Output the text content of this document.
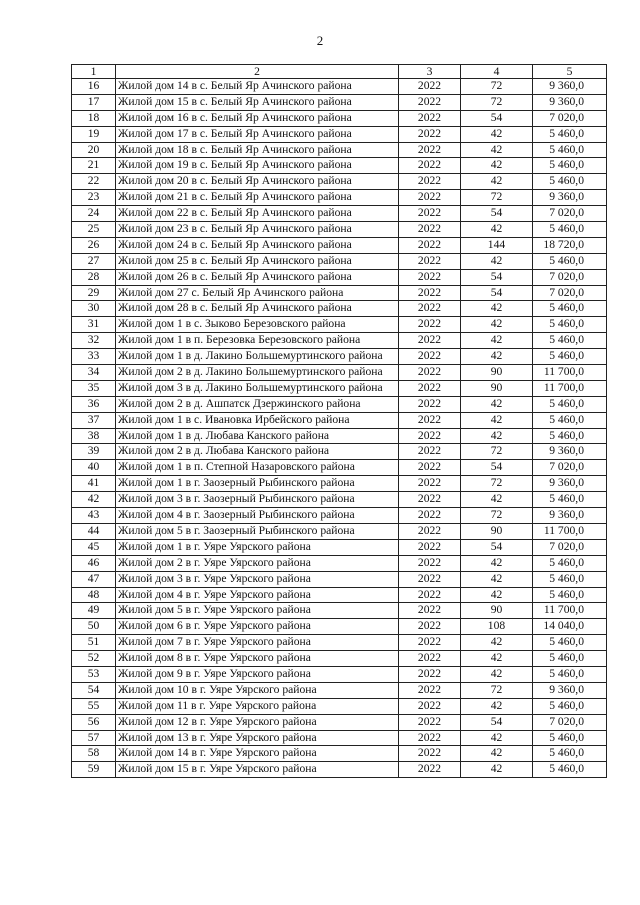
2
1	2	3	4	5
16	Жилой дом 14 в с. Белый Яр Ачинского района	2022	72	9 360,0
17	Жилой дом 15 в с. Белый Яр Ачинского района	2022	72	9 360,0
18	Жилой дом 16 в с. Белый Яр Ачинского района	2022	54	7 020,0
19	Жилой дом 17 в с. Белый Яр Ачинского района	2022	42	5 460,0
20	Жилой дом 18 в с. Белый Яр Ачинского района	2022	42	5 460,0
21	Жилой дом 19 в с. Белый Яр Ачинского района	2022	42	5 460,0
22	Жилой дом 20 в с. Белый Яр Ачинского района	2022	42	5 460,0
23	Жилой дом 21 в с. Белый Яр Ачинского района	2022	72	9 360,0
24	Жилой дом 22 в с. Белый Яр Ачинского района	2022	54	7 020,0
25	Жилой дом 23 в с. Белый Яр Ачинского района	2022	42	5 460,0
26	Жилой дом 24 в с. Белый Яр Ачинского района	2022	144	18 720,0
27	Жилой дом 25 в с. Белый Яр Ачинского района	2022	42	5 460,0
28	Жилой дом 26 в с. Белый Яр Ачинского района	2022	54	7 020,0
29	Жилой дом 27 с. Белый Яр Ачинского района	2022	54	7 020,0
30	Жилой дом 28 в с. Белый Яр Ачинского района	2022	42	5 460,0
31	Жилой дом 1 в с. Зыково Березовского района	2022	42	5 460,0
32	Жилой дом 1 в п. Березовка Березовского района	2022	42	5 460,0
33	Жилой дом 1 в д. Лакино Большемуртинского района	2022	42	5 460,0
34	Жилой дом 2 в д. Лакино Большемуртинского района	2022	90	11 700,0
35	Жилой дом 3 в д. Лакино Большемуртинского района	2022	90	11 700,0
36	Жилой дом 2 в д. Ашпатск Дзержинского района	2022	42	5 460,0
37	Жилой дом 1 в с. Ивановка Ирбейского района	2022	42	5 460,0
38	Жилой дом 1 в д. Любава Канского района	2022	42	5 460,0
39	Жилой дом 2 в д. Любава Канского района	2022	72	9 360,0
40	Жилой дом 1 в п. Степной Назаровского района	2022	54	7 020,0
41	Жилой дом 1 в г. Заозерный Рыбинского района	2022	72	9 360,0
42	Жилой дом 3 в г. Заозерный Рыбинского района	2022	42	5 460,0
43	Жилой дом 4 в г. Заозерный Рыбинского района	2022	72	9 360,0
44	Жилой дом 5 в г. Заозерный Рыбинского района	2022	90	11 700,0
45	Жилой дом 1 в г. Уяре Уярского района	2022	54	7 020,0
46	Жилой дом 2 в г. Уяре Уярского района	2022	42	5 460,0
47	Жилой дом 3 в г. Уяре Уярского района	2022	42	5 460,0
48	Жилой дом 4 в г. Уяре Уярского района	2022	42	5 460,0
49	Жилой дом 5 в г. Уяре Уярского района	2022	90	11 700,0
50	Жилой дом 6 в г. Уяре Уярского района	2022	108	14 040,0
51	Жилой дом 7 в г. Уяре Уярского района	2022	42	5 460,0
52	Жилой дом 8 в г. Уяре Уярского района	2022	42	5 460,0
53	Жилой дом 9 в г. Уяре Уярского района	2022	42	5 460,0
54	Жилой дом 10 в г. Уяре Уярского района	2022	72	9 360,0
55	Жилой дом 11 в г. Уяре Уярского района	2022	42	5 460,0
56	Жилой дом 12 в г. Уяре Уярского района	2022	54	7 020,0
57	Жилой дом 13 в г. Уяре Уярского района	2022	42	5 460,0
58	Жилой дом 14 в г. Уяре Уярского района	2022	42	5 460,0
59	Жилой дом 15 в г. Уяре Уярского района	2022	42	5 460,0
